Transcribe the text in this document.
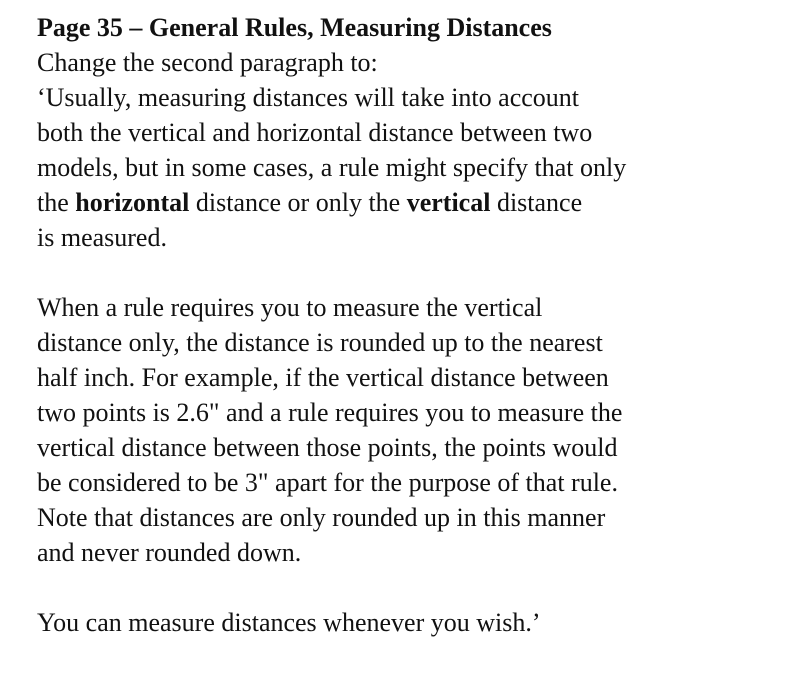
Page 35 – General Rules, Measuring Distances

Change the second paragraph to:

‘Usually, measuring distances will take into account

both the vertical and horizontal distance between two

models, but in some cases, a rule might specify that only

the horizontal distance or only the vertical distance

is measured.

When a rule requires you to measure the vertical

distance only, the distance is rounded up to the nearest

half inch. For example, if the vertical distance between

two points is 2.6" and a rule requires you to measure the

vertical distance between those points, the points would

be considered to be 3" apart for the purpose of that rule.

Note that distances are only rounded up in this manner

and never rounded down.

You can measure distances whenever you wish.’
